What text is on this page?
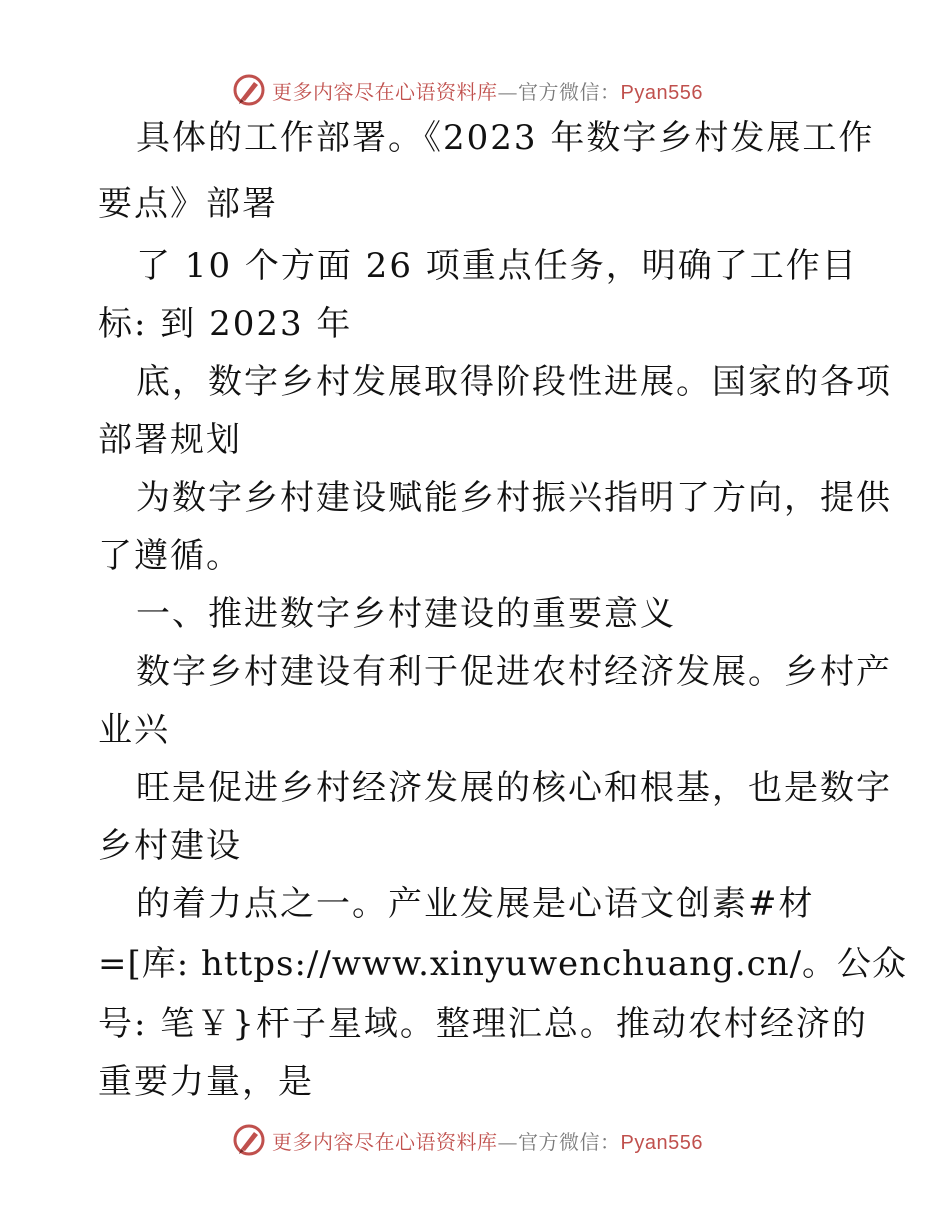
更多内容尽在心语资料库—官方微信：Pyan556
具体的工作部署。《2023 年数字乡村发展工作
要点》部署
了 10 个方面 26 项重点任务，明确了工作目
标: 到 2023 年
底，数字乡村发展取得阶段性进展。国家的各项
部署规划
为数字乡村建设赋能乡村振兴指明了方向，提供
了遵循。
一、推进数字乡村建设的重要意义
数字乡村建设有利于促进农村经济发展。乡村产
业兴
旺是促进乡村经济发展的核心和根基，也是数字
乡村建设
的着力点之一。产业发展是心语文创素#材
=[库: https://www.xinyuwenchuang.cn/。公众
号: 笔￥}杆子星域。整理汇总。推动农村经济的
重要力量，是
更多内容尽在心语资料库—官方微信：Pyan556
